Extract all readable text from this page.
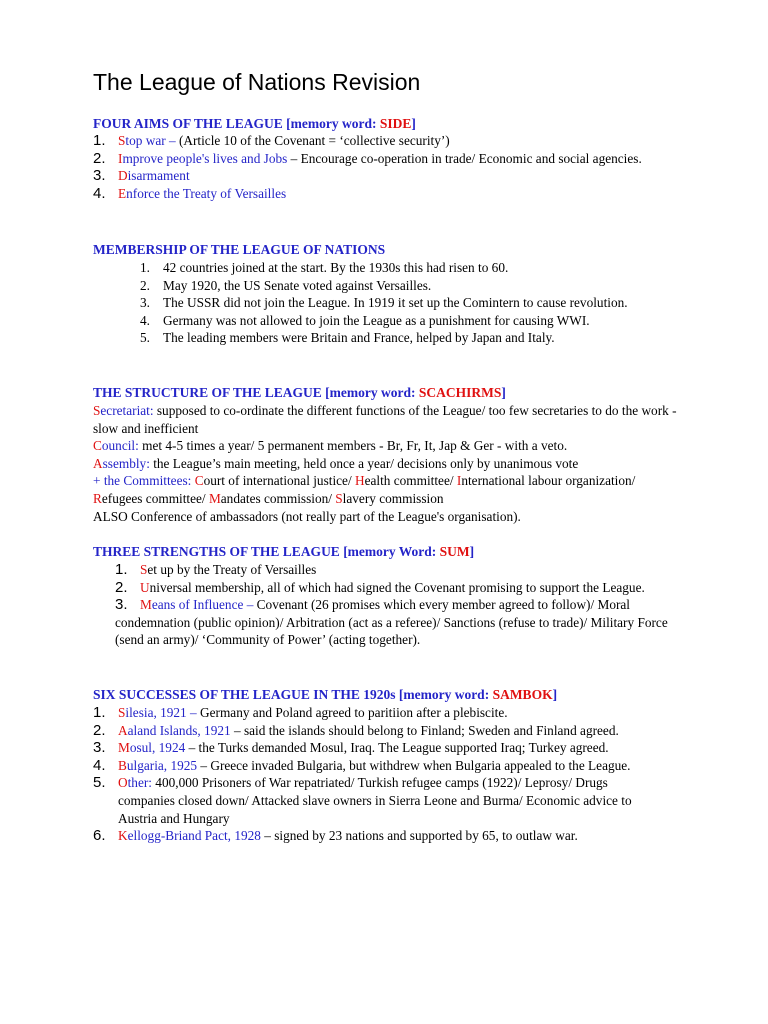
The League of Nations Revision

FOUR AIMS OF THE LEAGUE [memory word: SIDE]

1. Stop war – (Article 10 of the Covenant = ‘collective security’)
2. Improve people's lives and Jobs – Encourage co-operation in trade/ Economic and social agencies.
3. Disarmament
4. Enforce the Treaty of Versailles

MEMBERSHIP OF THE LEAGUE OF NATIONS

1. 42 countries joined at the start. By the 1930s this had risen to 60.
2. May 1920, the US Senate voted against Versailles.
3. The USSR did not join the League. In 1919 it set up the Comintern to cause revolution.
4. Germany was not allowed to join the League as a punishment for causing WWI.
5. The leading members were Britain and France, helped by Japan and Italy.

THE STRUCTURE OF THE LEAGUE [memory word: SCACHIRMS]

Secretariat: supposed to co-ordinate the different functions of the League/ too few secretaries to do the work - slow and inefficient

Council: met 4-5 times a year/ 5 permanent members - Br, Fr, It, Jap & Ger - with a veto.

Assembly: the League’s main meeting, held once a year/ decisions only by unanimous vote

+ the Committees: Court of international justice/ Health committee/ International labour organization/ Refugees committee/ Mandates commission/ Slavery commission

ALSO Conference of ambassadors (not really part of the League's organisation).

THREE STRENGTHS OF THE LEAGUE [memory Word: SUM]

1. Set up by the Treaty of Versailles
2. Universal membership, all of which had signed the Covenant promising to support the League.
3. Means of Influence – Covenant (26 promises which every member agreed to follow)/ Moral condemnation (public opinion)/ Arbitration (act as a referee)/ Sanctions (refuse to trade)/ Military Force (send an army)/ ‘Community of Power’ (acting together).

SIX SUCCESSES OF THE LEAGUE IN THE 1920s [memory word: SAMBOK]

1. Silesia, 1921 – Germany and Poland agreed to paritiion after a plebiscite.
2. Aaland Islands, 1921 – said the islands should belong to Finland; Sweden and Finland agreed.
3. Mosul, 1924 – the Turks demanded Mosul, Iraq. The League supported Iraq; Turkey agreed.
4. Bulgaria, 1925 – Greece invaded Bulgaria, but withdrew when Bulgaria appealed to the League.
5. Other: 400,000 Prisoners of War repatriated/ Turkish refugee camps (1922)/ Leprosy/ Drugs companies closed down/ Attacked slave owners in Sierra Leone and Burma/ Economic advice to Austria and Hungary
6. Kellogg-Briand Pact, 1928 – signed by 23 nations and supported by 65, to outlaw war.
